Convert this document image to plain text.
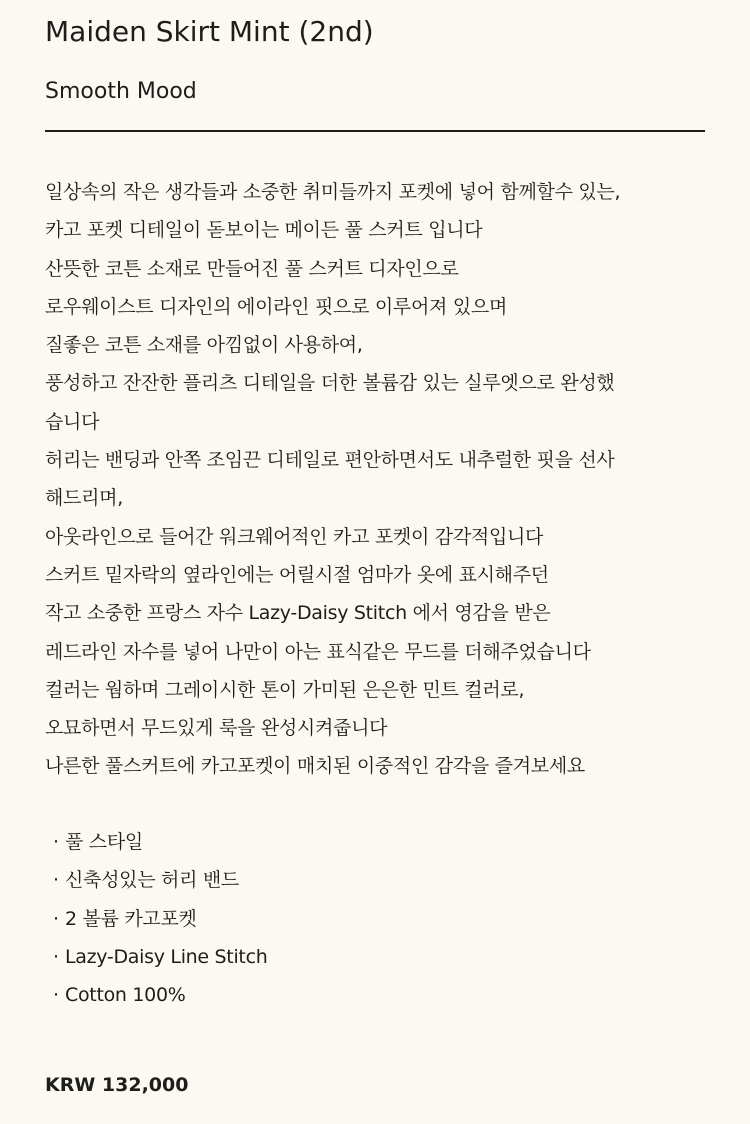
Maiden Skirt Mint (2nd)

Smooth Mood

일상속의 작은 생각들과 소중한 취미들까지 포켓에 넣어 함께할수 있는,
카고 포켓 디테일이 돋보이는 메이든 풀 스커트 입니다
산뜻한 코튼 소재로 만들어진 풀 스커트 디자인으로
로우웨이스트 디자인의 에이라인 핏으로 이루어져 있으며
질좋은 코튼 소재를 아낌없이 사용하여,
풍성하고 잔잔한 플리츠 디테일을 더한 볼륨감 있는 실루엣으로 완성했
습니다
허리는 밴딩과 안쪽 조임끈 디테일로 편안하면서도 내추럴한 핏을 선사
해드리며,
아웃라인으로 들어간 워크웨어적인 카고 포켓이 감각적입니다
스커트 밑자락의 옆라인에는 어릴시절 엄마가 옷에 표시해주던
작고 소중한 프랑스 자수 Lazy-Daisy Stitch 에서 영감을 받은
레드라인 자수를 넣어 나만이 아는 표식같은 무드를 더해주었습니다
컬러는 웜하며 그레이시한 톤이 가미된 은은한 민트 컬러로,
오묘하면서 무드있게 룩을 완성시켜줍니다
나른한 풀스커트에 카고포켓이 매치된 이중적인 감각을 즐겨보세요
· 풀 스타일
· 신축성있는 허리 밴드
· 2 볼륨 카고포켓
· Lazy-Daisy Line Stitch
· Cotton 100%

KRW 132,000
